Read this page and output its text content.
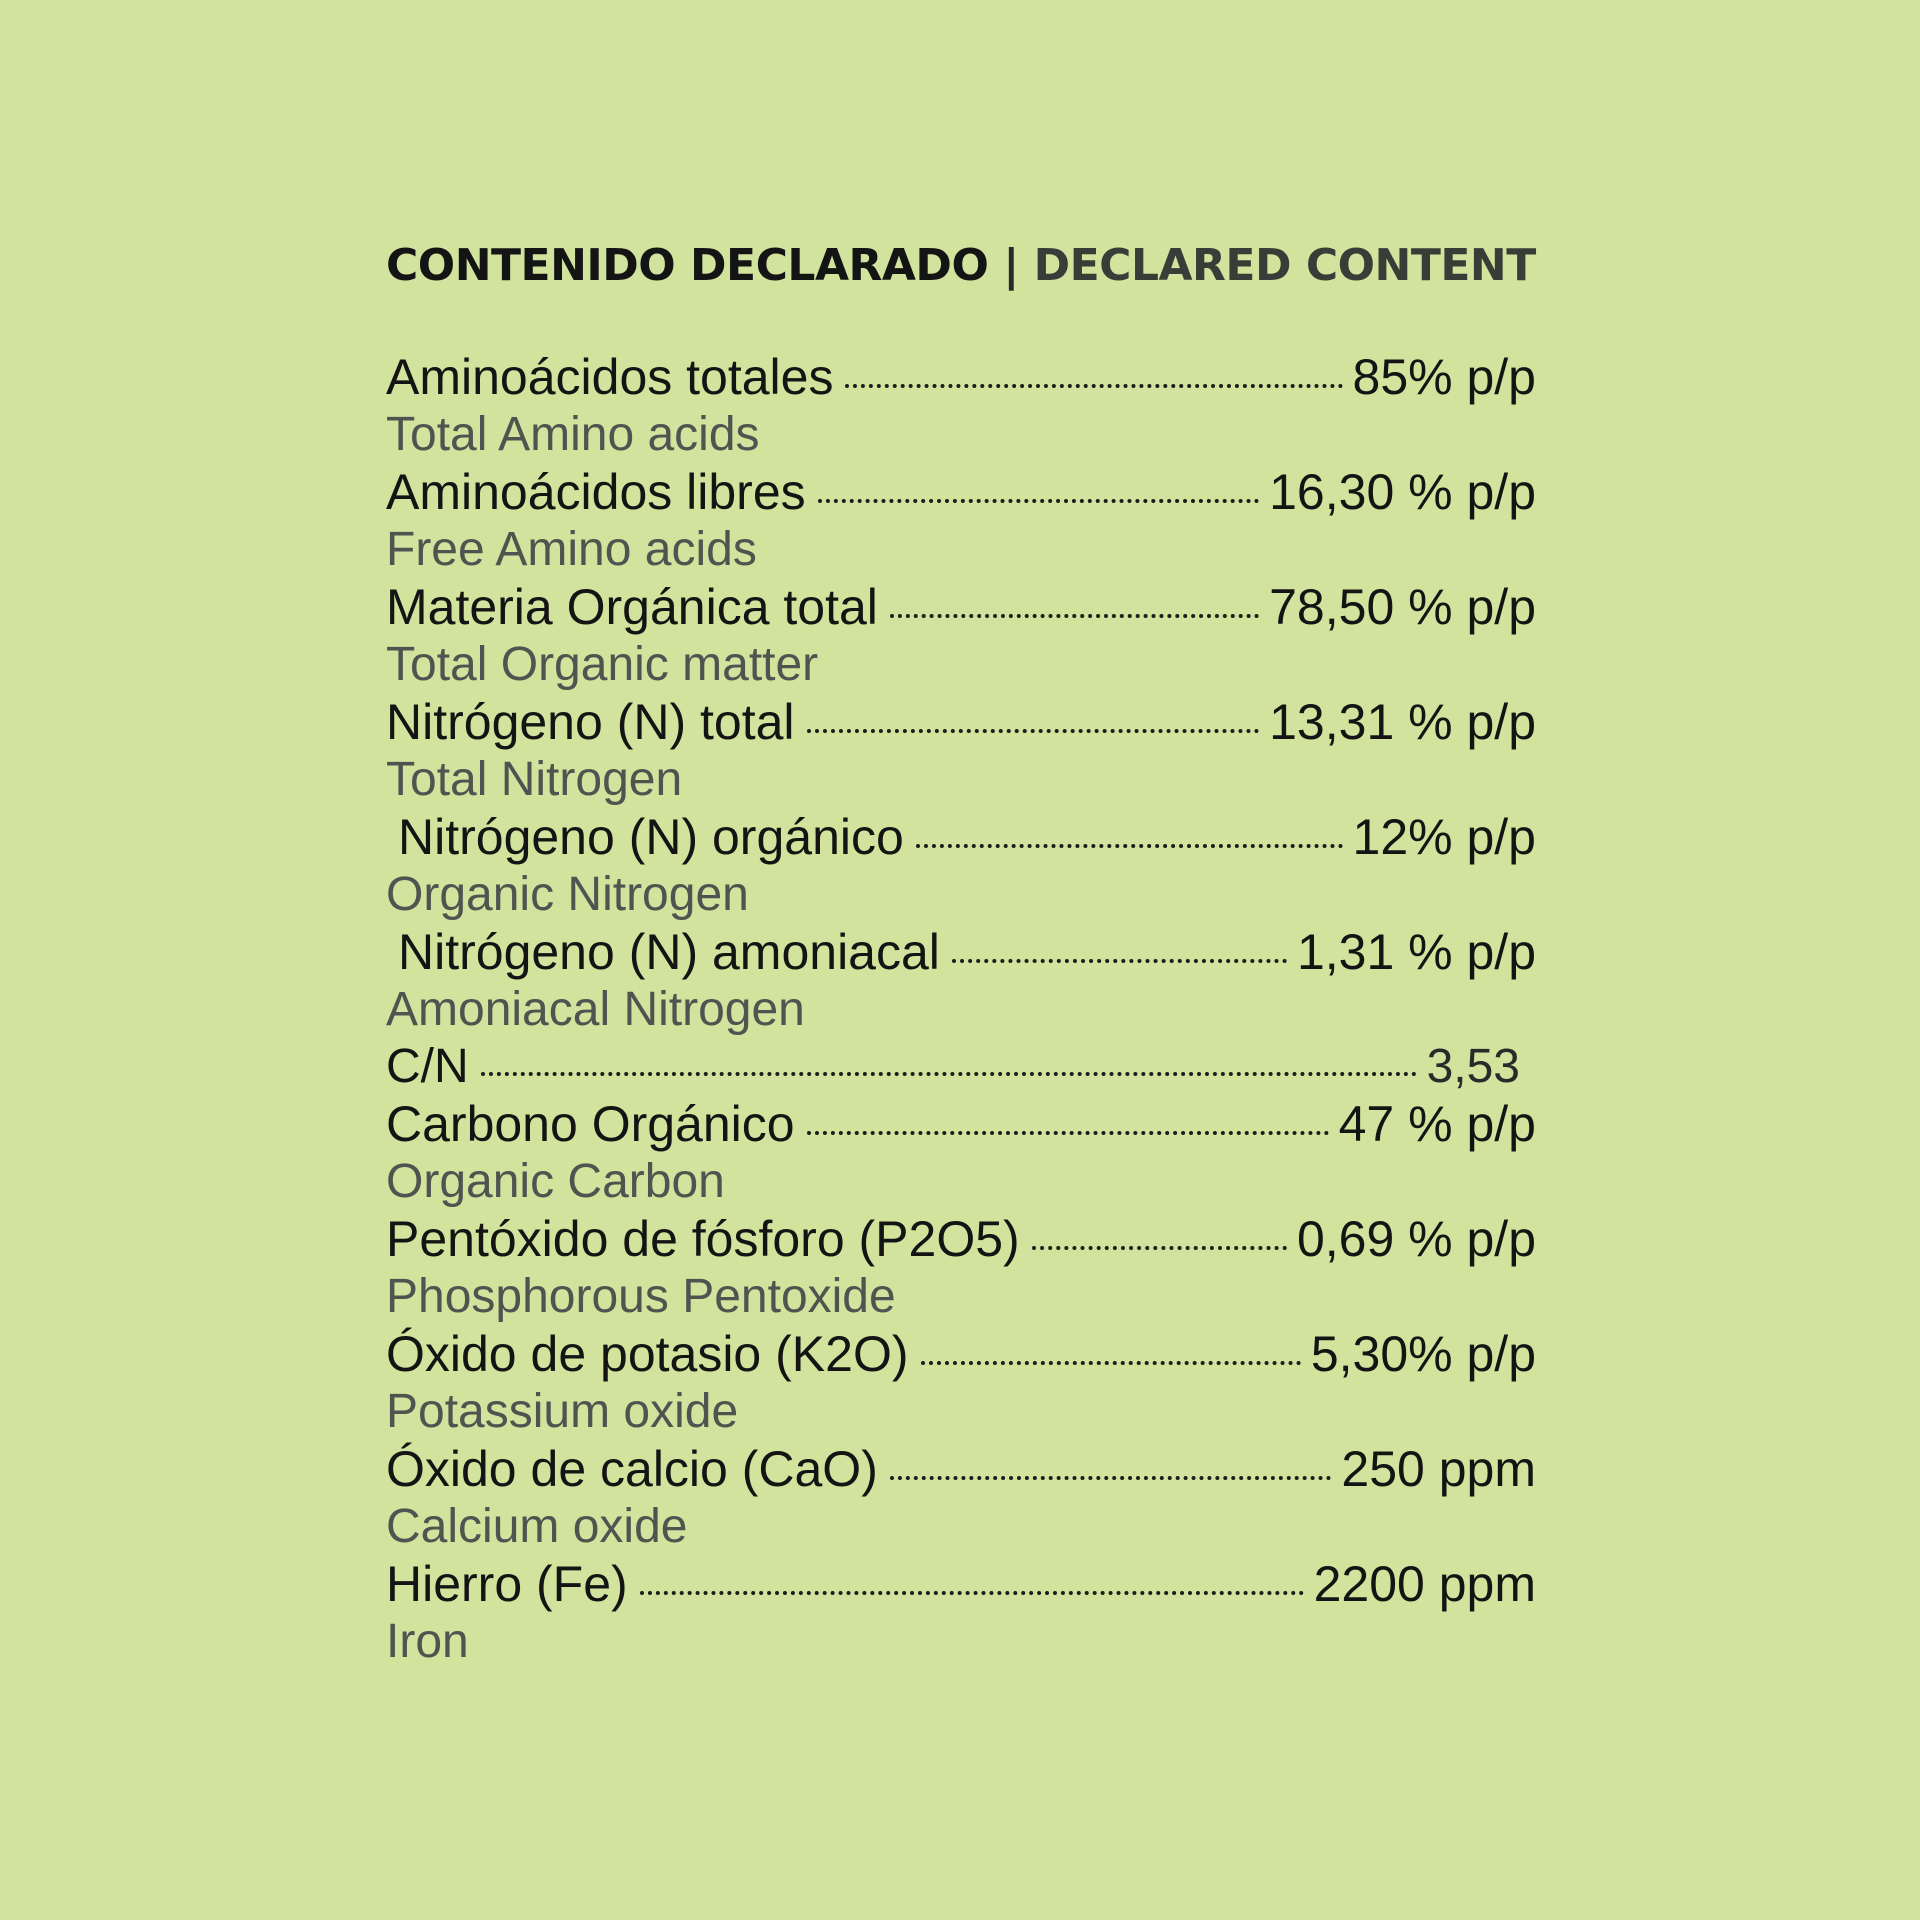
CONTENIDO DECLARADO | DECLARED CONTENT
Aminoácidos totales	85% p/p
Total Amino acids
Aminoácidos libres	16,30 % p/p
Free Amino acids
Materia Orgánica total	78,50 % p/p
Total Organic matter
Nitrógeno (N) total	13,31 % p/p
Total Nitrogen
Nitrógeno (N) orgánico	12% p/p
Organic Nitrogen
Nitrógeno (N) amoniacal	1,31 % p/p
Amoniacal Nitrogen
C/N	3,53
Carbono Orgánico	47 % p/p
Organic Carbon
Pentóxido de fósforo (P2O5)	0,69 % p/p
Phosphorous Pentoxide
Óxido de potasio (K2O)	5,30% p/p
Potassium oxide
Óxido de calcio (CaO)	250 ppm
Calcium oxide
Hierro (Fe)	2200 ppm
Iron
